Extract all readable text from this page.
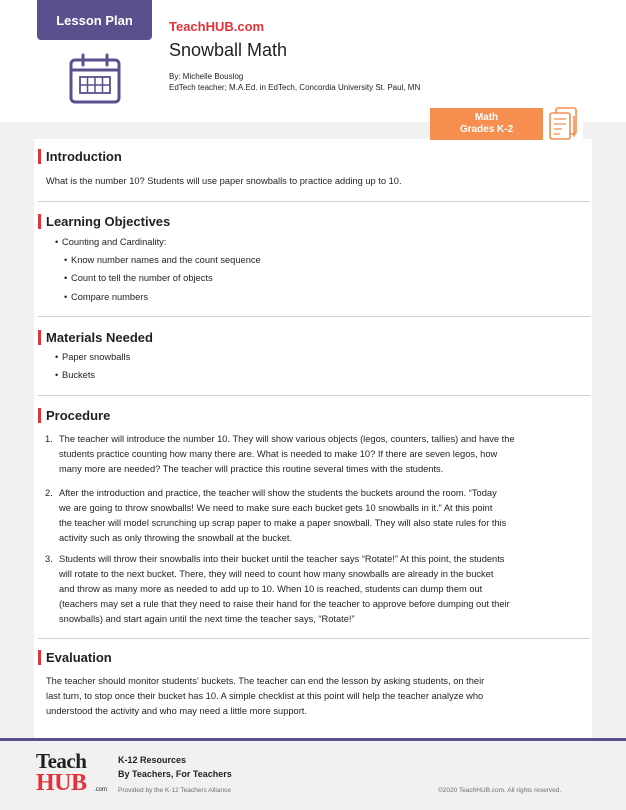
Lesson Plan	TeachHUB.com
Snowball Math
By: Michelle Bouslog
EdTech teacher; M.A.Ed. in EdTech, Concordia University St. Paul, MN
Math
Grades K-2
Introduction
What is the number 10? Students will use paper snowballs to practice adding up to 10.
Learning Objectives
• Counting and Cardinality:
• Know number names and the count sequence
• Count to tell the number of objects
• Compare numbers
Materials Needed
• Paper snowballs
• Buckets
Procedure
1. The teacher will introduce the number 10. They will show various objects (legos, counters, tallies) and have the
students practice counting how many there are. What is needed to make 10? If there are seven legos, how
many more are needed? The teacher will practice this routine several times with the students.
2. After the introduction and practice, the teacher will show the students the buckets around the room. “Today
we are going to throw snowballs! We need to make sure each bucket gets 10 snowballs in it.” At this point
the teacher will model scrunching up scrap paper to make a paper snowball. They will also state rules for this
activity such as only throwing the snowball at the bucket.
3. Students will throw their snowballs into their bucket until the teacher says “Rotate!” At this point, the students
will rotate to the next bucket. There, they will need to count how many snowballs are already in the bucket
and throw as many more as needed to add up to 10. When 10 is reached, students can dump them out
(teachers may set a rule that they need to raise their hand for the teacher to approve before dumping out their
snowballs) and start again until the next time the teacher says, “Rotate!”
Evaluation
The teacher should monitor students’ buckets. The teacher can end the lesson by asking students, on their
last turn, to stop once their bucket has 10. A simple checklist at this point will help the teacher analyze who
understood the activity and who may need a little more support.
Teach
HUB .com
K-12 Resources
By Teachers, For Teachers
Provided by the K-12 Teachers Alliance	©2020 TeachHUB.com. All rights reserved.
